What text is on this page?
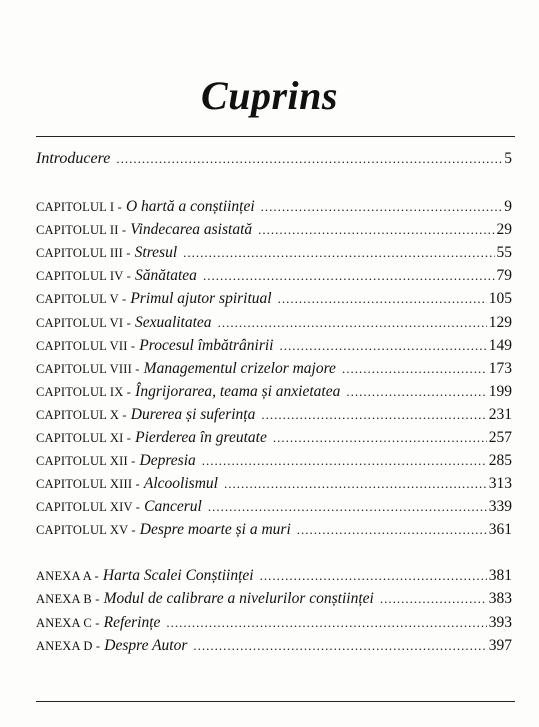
Cuprins
Introducere .....	5
CAPITOLUL I - O hartă a conștiinței .....	9
CAPITOLUL II - Vindecarea asistată .....	29
CAPITOLUL III - Stresul .....	55
CAPITOLUL IV - Sănătatea .....	79
CAPITOLUL V - Primul ajutor spiritual .....	105
CAPITOLUL VI - Sexualitatea .....	129
CAPITOLUL VII - Procesul îmbătrânirii .....	149
CAPITOLUL VIII - Managementul crizelor majore .....	173
CAPITOLUL IX - Îngrijorarea, teama și anxietatea .....	199
CAPITOLUL X - Durerea și suferința .....	231
CAPITOLUL XI - Pierderea în greutate .....	257
CAPITOLUL XII - Depresia .....	285
CAPITOLUL XIII - Alcoolismul .....	313
CAPITOLUL XIV - Cancerul .....	339
CAPITOLUL XV - Despre moarte și a muri .....	361
ANEXA A - Harta Scalei Conștiinței .....	381
ANEXA B - Modul de calibrare a nivelurilor conștiinței .....	383
ANEXA C - Referințe .....	393
ANEXA D - Despre Autor .....	397
